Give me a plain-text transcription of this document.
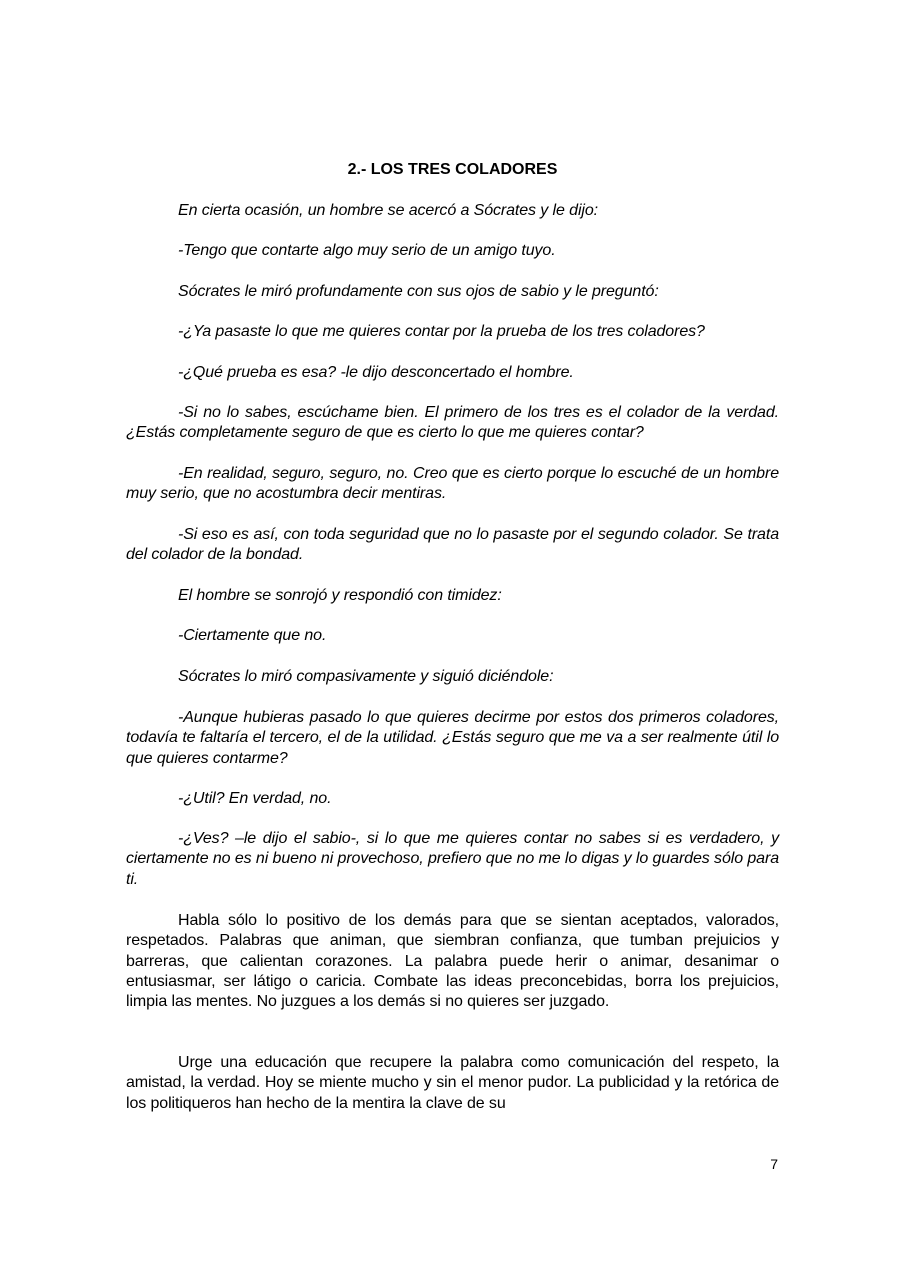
2.- LOS TRES COLADORES

En cierta ocasión, un hombre se acercó a Sócrates y le dijo:

-Tengo que contarte algo muy serio de un amigo tuyo.

Sócrates le miró profundamente con sus ojos de sabio y le preguntó:

-¿Ya pasaste lo que me quieres contar por la prueba de los tres coladores?

-¿Qué prueba es esa? -le dijo desconcertado el hombre.

-Si no lo sabes, escúchame bien. El primero de los tres es el colador de la verdad. ¿Estás completamente seguro de que es cierto lo que me quieres contar?

-En realidad, seguro, seguro, no. Creo que es cierto porque lo escuché de un hombre muy serio, que no acostumbra decir mentiras.

-Si eso es así, con toda seguridad que no lo pasaste por el segundo colador. Se trata del colador de la bondad.

El hombre se sonrojó y respondió con timidez:

-Ciertamente que no.

Sócrates lo miró compasivamente y siguió diciéndole:

-Aunque hubieras pasado lo que quieres decirme por estos dos primeros coladores, todavía te faltaría el tercero, el de la utilidad. ¿Estás seguro que me va a ser realmente útil lo que quieres contarme?

-¿Util? En verdad, no.

-¿Ves? –le dijo el sabio-, si lo que me quieres contar no sabes si es verdadero, y ciertamente no es ni bueno ni provechoso, prefiero que no me lo digas y lo guardes sólo para ti.

Habla sólo lo positivo de los demás para que se sientan aceptados, valorados, respetados. Palabras que animan, que siembran confianza, que tumban prejuicios y barreras, que calientan corazones. La palabra puede herir o animar, desanimar o entusiasmar, ser látigo o caricia. Combate las ideas preconcebidas, borra los prejuicios, limpia las mentes. No juzgues a los demás si no quieres ser juzgado.

Urge una educación que recupere la palabra como comunicación del respeto, la amistad, la verdad. Hoy se miente mucho y sin el menor pudor. La publicidad y la retórica de los politiqueros han hecho de la mentira la clave de su

7
